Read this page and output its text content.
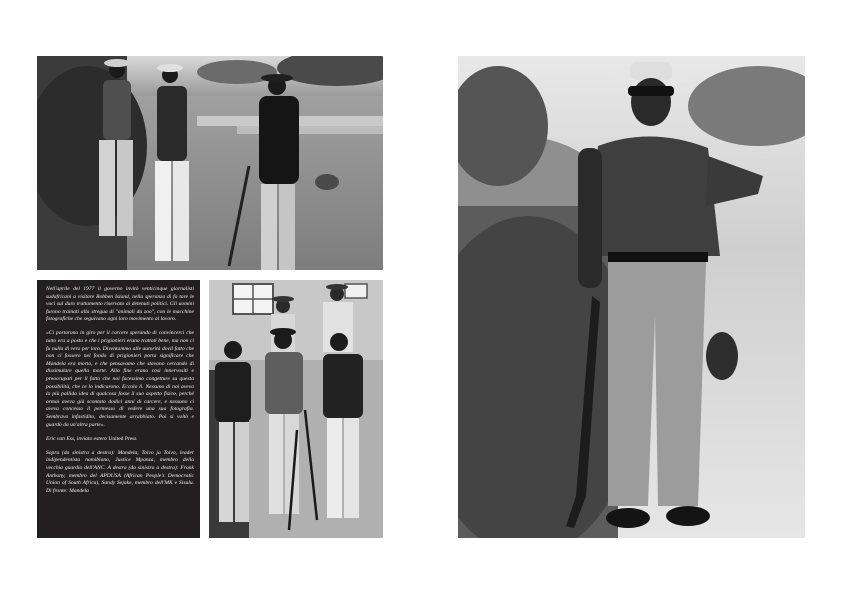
Nell'aprile del 1977 il governo invitò venticinque giornalisti sudafricani a visitare Robben Island, nella speranza di fa tare le voci sul duro trattamento riservato ai detenuti politici. Gli uomini furono trainati alla stregua di "animali da zoo", con le macchine fotografiche che seguivano ogni loro movimento al lavoro.

«Ci portarono in giro per il carcere sperando di convincerci che tutto era a posto e che i prigionieri erano trattati bene, ma non ci fu nulla di vero per loro. Diventammo alle autorità dovil fatto che non ci fossero nel fondo di prigionieri porta significare che Mandela era morto, e che pensavamo che stavano cercando di dissimulare quella morte. Alla fine erano così innervositi e preoccupati per il fatto che noi facessimo congetture su questa possibilità, che ce lo indicarono. Eccolo lì. Nessuno di noi aveva la più pallida idea di qualcosa fosse il suo aspetto fisico, perché ormai aveva già scontato dodici anni di carcere, e nessuno ci aveva concesso il permesso di vedere una sua fotografia. Sembrava infastidito, decisamente arrabbiato. Poi si voltò e guardò da un'altra parte».

Eric van Ess, inviato estero United Press

Sopra (da sinistra a destra): Mandela, Toivo ja Toivo, leader indipendentista namibiano, Justice Mpanza, membro della vecchia guardia dell'ANC. A destra (da sinistra a destra): Frank Anthony, membro del APDUSA (African People's Democratic Union of South Africa), Sandy Sejake, membro dell'MK e Sisulu. Di fronte: Mandela
